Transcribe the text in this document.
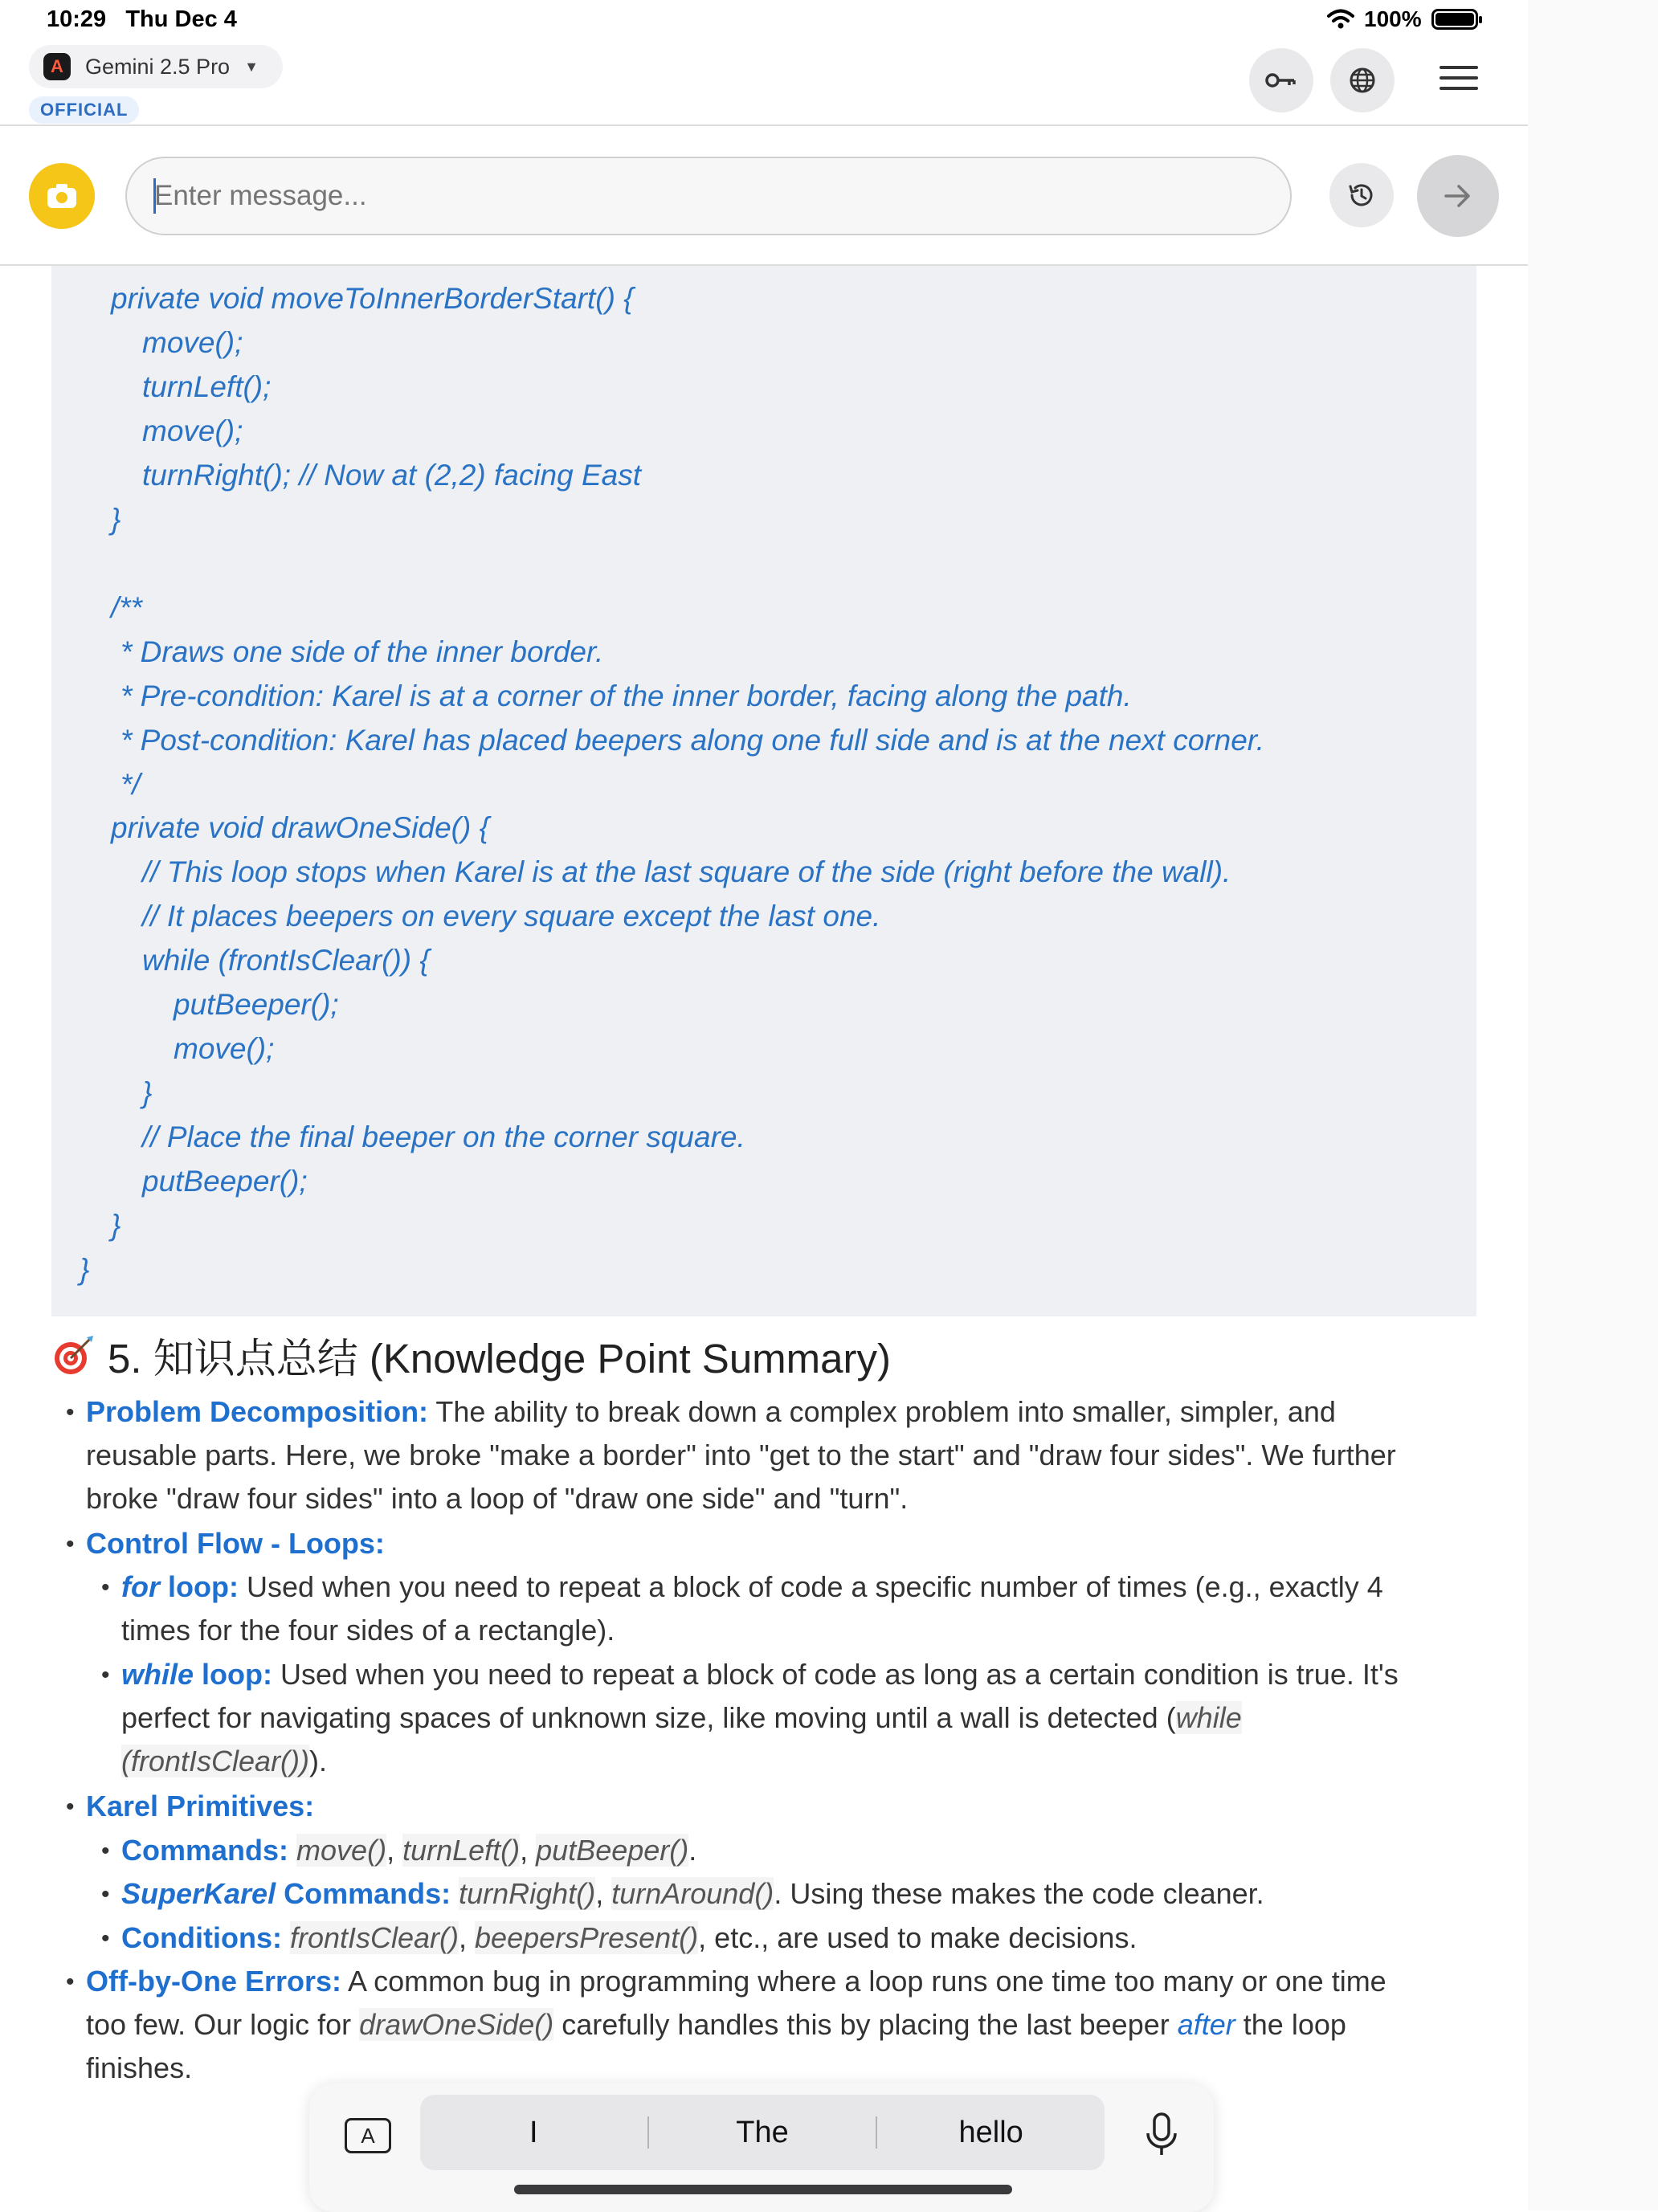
10:29 Thu Dec 4	100%
A	Gemini 2.5 Pro ▼
OFFICIAL
Enter message...
private void moveToInnerBorderStart() {
move();
turnLeft();
move();
turnRight(); // Now at (2,2) facing East
}
/**
* Draws one side of the inner border.
* Pre-condition: Karel is at a corner of the inner border, facing along the path.
* Post-condition: Karel has placed beepers along one full side and is at the next corner.
*/
private void drawOneSide() {
// This loop stops when Karel is at the last square of the side (right before the wall).
// It places beepers on every square except the last one.
while (frontIsClear()) {
putBeeper();
move();
}
// Place the final beeper on the corner square.
putBeeper();
}
}
5. 知识点总结 (Knowledge Point Summary)
• Problem Decomposition: The ability to break down a complex problem into smaller, simpler, and
reusable parts. Here, we broke "make a border" into "get to the start" and "draw four sides". We further
broke "draw four sides" into a loop of "draw one side" and "turn".
• Control Flow - Loops:
• for loop: Used when you need to repeat a block of code a specific number of times (e.g., exactly 4
times for the four sides of a rectangle).
• while loop: Used when you need to repeat a block of code as long as a certain condition is true. It's
perfect for navigating spaces of unknown size, like moving until a wall is detected (while
(frontIsClear())).
• Karel Primitives:
• Commands: move(), turnLeft(), putBeeper().
• SuperKarel Commands: turnRight(), turnAround(). Using these makes the code cleaner.
• Conditions: frontIsClear(), beepersPresent(), etc., are used to make decisions.
• Off-by-One Errors: A common bug in programming where a loop runs one time too many or one time
too few. Our logic for drawOneSide() carefully handles this by placing the last beeper after the loop
finishes.
A	I	The	hello
